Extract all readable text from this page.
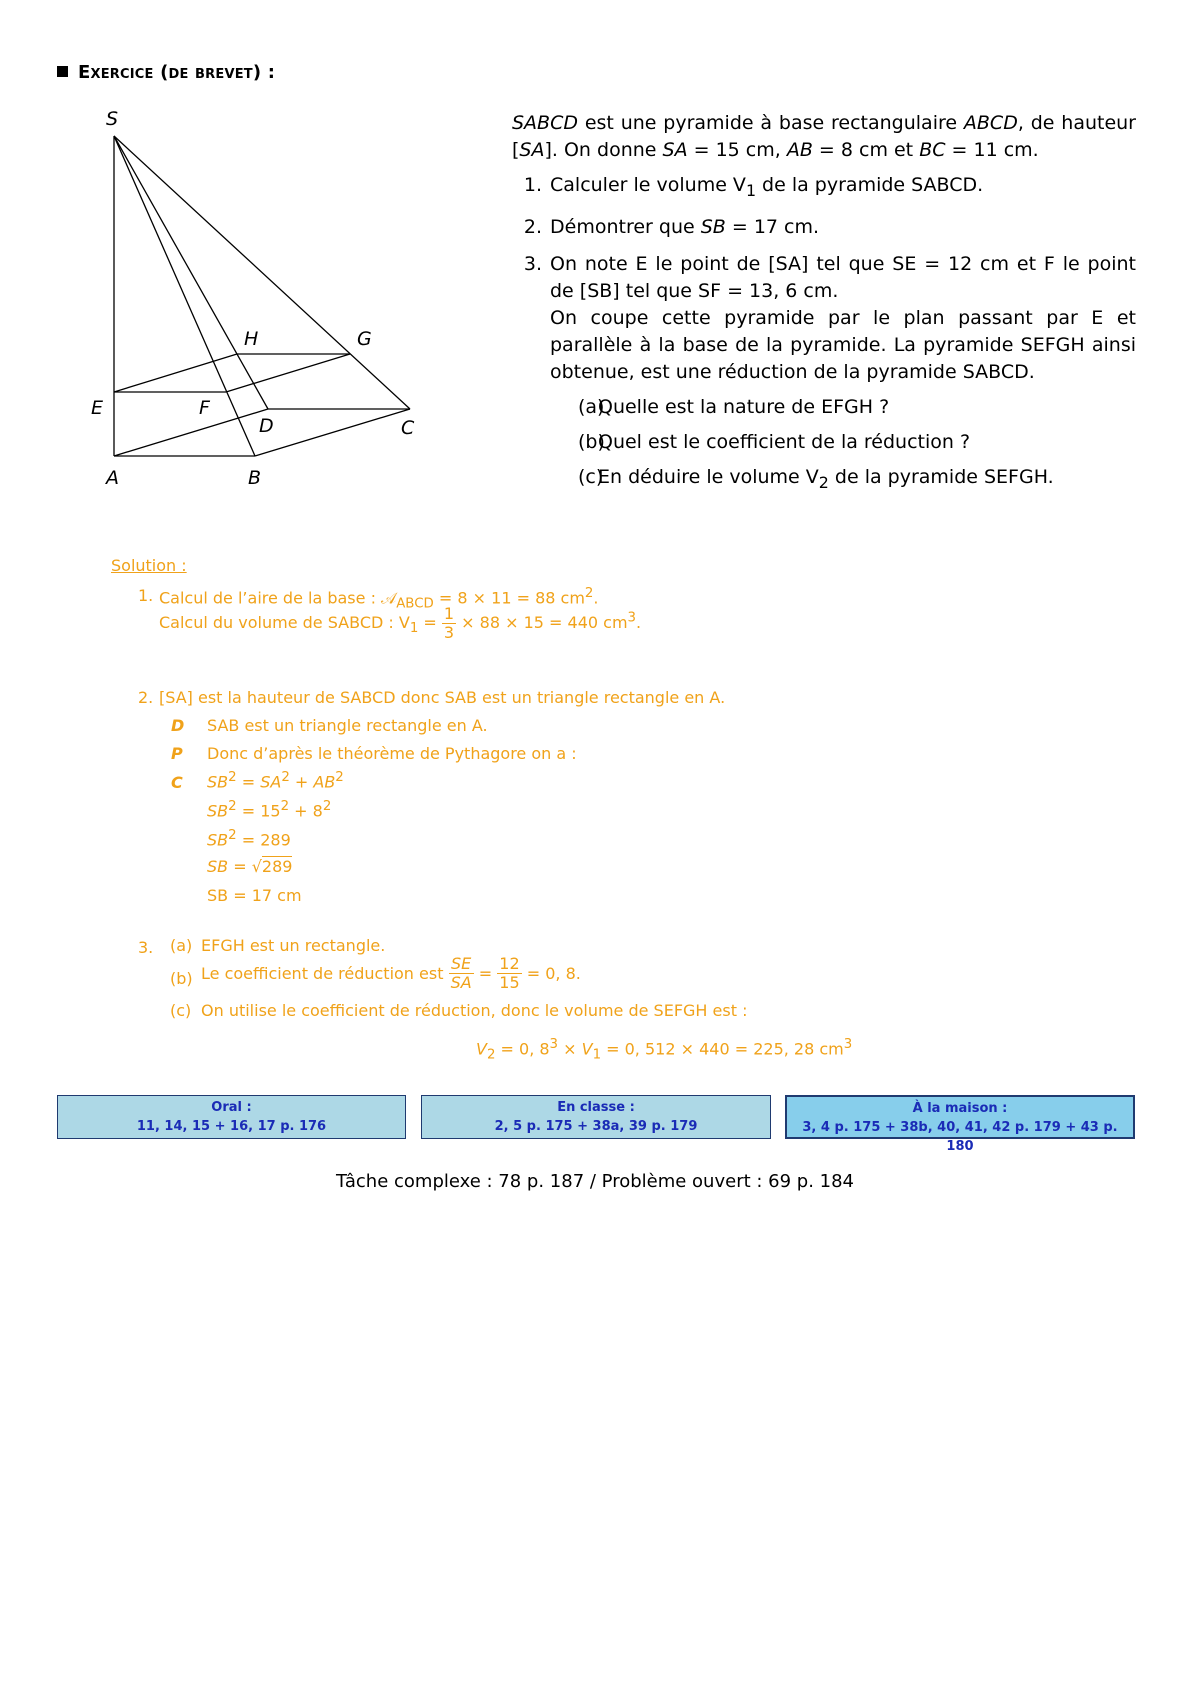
Exercice (de brevet) :
S
H	G
E	F
D	C
A	B

SABCD est une pyramide à base rectangulaire ABCD, de hauteur [SA]. On donne SA = 15 cm, AB = 8 cm et BC = 11 cm.

1. Calculer le volume $V_1$ de la pyramide SABCD.
2. Démontrer que SB = 17 cm.
3. On note E le point de [SA] tel que SE = 12 cm et F le point de [SB] tel que SF = 13, 6 cm.
On coupe cette pyramide par le plan passant par E et parallèle à la base de la pyramide. La pyramide SEFGH ainsi obtenue, est une réduction de la pyramide SABCD.
(a)
Quelle est la nature de EFGH ?
(b)
Quel est le coefficient de la réduction ?
(c)
En déduire le volume $V_2$ de la pyramide SEFGH.
Solution :
1. Calcul de l’aire de la base : 𝒜$_{ABCD}$ = 8 × 11 = 88 $cm^2$.
Calcul du volume de SABCD : $V_1 = \frac{1}{3} \times 88 \times 15 = 440$ $cm^3$.
2. [SA] est la hauteur de SABCD donc SAB est un triangle rectangle en A.
D SAB est un triangle rectangle en A.
P Donc d’après le théorème de Pythagore on a :
C $SB^2 = SA^2 + AB^2$
$SB^2 = 15^2 + 8^2$
$SB^2 = 289$
SB = √289
SB = 17 cm
3. (a) EFGH est un rectangle.
(b) Le coefficient de réduction est $\frac{SE}{SA} = \frac{12}{15} = 0$, 8.
(c) On utilise le coefficient de réduction, donc le volume de SEFGH est :
$V_2 = 0$, $8^3 \times V_1 = 0$, 512 × 440 = 225, 28 $cm^3$
Oral :
11, 14, 15 + 16, 17 p. 176
En classe :
2, 5 p. 175 + 38a, 39 p. 179
À la maison :
3, 4 p. 175 + 38b, 40, 41, 42 p. 179 + 43 p. 180
Tâche complexe : 78 p. 187 / Problème ouvert : 69 p. 184
